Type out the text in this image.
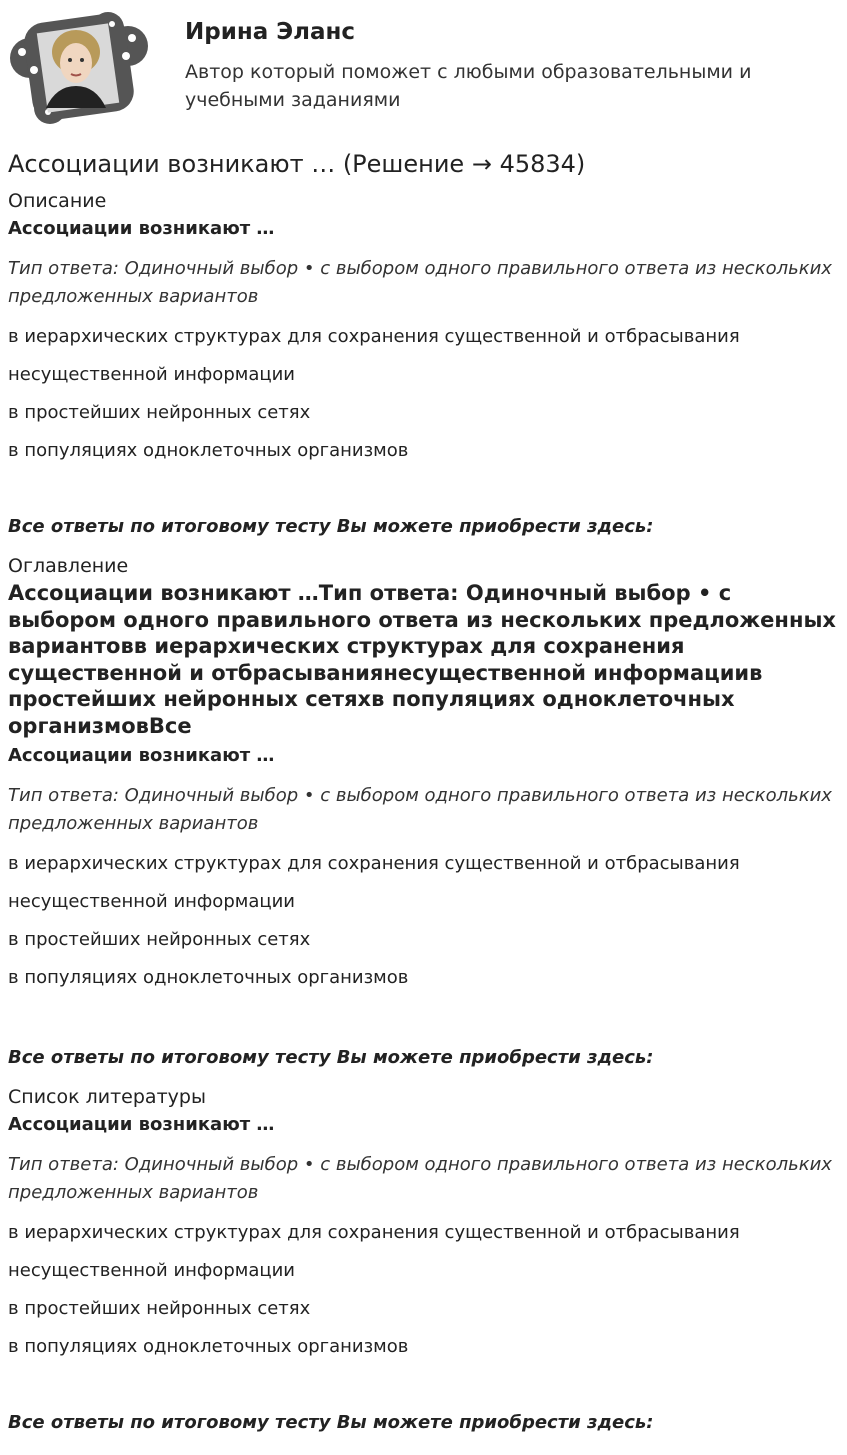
Ирина Эланс
Автор который поможет с любыми образовательными и учебными заданиями
Ассоциации возникают … (Решение → 45834)

Описание

Ассоциации возникают …

Тип ответа: Одиночный выбор • с выбором одного правильного ответа из нескольких предложенных вариантов

в иерархических структурах для сохранения существенной и отбрасывания

несущественной информации

в простейших нейронных сетях

в популяциях одноклеточных организмов

Все ответы по итоговому тесту Вы можете приобрести здесь:

Оглавление

Ассоциации возникают …Тип ответа: Одиночный выбор • с выбором одного правильного ответа из нескольких предложенных вариантовв иерархических структурах для сохранения существенной и отбрасываниянесущественной информациив простейших нейронных сетяхв популяциях одноклеточных организмовВсе

Ассоциации возникают …

Тип ответа: Одиночный выбор • с выбором одного правильного ответа из нескольких предложенных вариантов

в иерархических структурах для сохранения существенной и отбрасывания

несущественной информации

в простейших нейронных сетях

в популяциях одноклеточных организмов

Все ответы по итоговому тесту Вы можете приобрести здесь:

Список литературы

Ассоциации возникают …

Тип ответа: Одиночный выбор • с выбором одного правильного ответа из нескольких предложенных вариантов

в иерархических структурах для сохранения существенной и отбрасывания

несущественной информации

в простейших нейронных сетях

в популяциях одноклеточных организмов

Все ответы по итоговому тесту Вы можете приобрести здесь:
